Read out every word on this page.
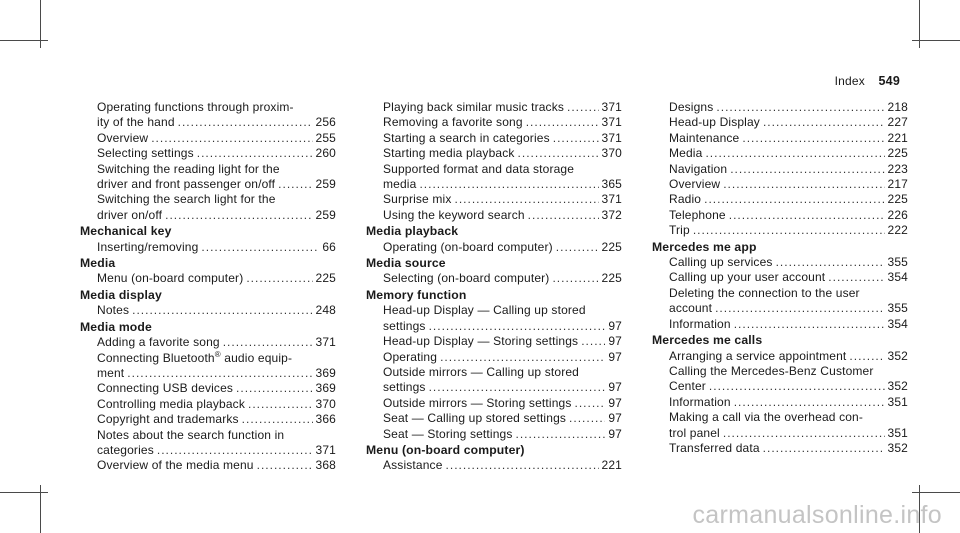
Index 549
Operating functions through proxim-
ity of the hand .....	256
Overview .....	255
Selecting settings .....	260
Switching the reading light for the
driver and front passenger on/off .....	259
Switching the search light for the
driver on/off .....	259
Mechanical key
Inserting/removing .....	66
Media
Menu (on-board computer) .....	225
Media display
Notes .....	248
Media mode
Adding a favorite song .....	371
Connecting Bluetooth® audio equip-
ment .....	369
Connecting USB devices .....	369
Controlling media playback .....	370
Copyright and trademarks .....	366
Notes about the search function in
categories .....	371
Overview of the media menu .....	368
Playing back similar music tracks .....	371
Removing a favorite song .....	371
Starting a search in categories .....	371
Starting media playback .....	370
Supported format and data storage
media .....	365
Surprise mix .....	371
Using the keyword search .....	372
Media playback
Operating (on-board computer) .....	225
Media source
Selecting (on-board computer) .....	225
Memory function
Head-up Display — Calling up stored
settings .....	97
Head-up Display — Storing settings .....	97
Operating .....	97
Outside mirrors — Calling up stored
settings .....	97
Outside mirrors — Storing settings .....	97
Seat — Calling up stored settings .....	97
Seat — Storing settings .....	97
Menu (on-board computer)
Assistance .....	221
Designs .....	218
Head-up Display .....	227
Maintenance .....	221
Media .....	225
Navigation .....	223
Overview .....	217
Radio .....	225
Telephone .....	226
Trip .....	222
Mercedes me app
Calling up services .....	355
Calling up your user account .....	354
Deleting the connection to the user
account .....	355
Information .....	354
Mercedes me calls
Arranging a service appointment .....	352
Calling the Mercedes-Benz Customer
Center .....	352
Information .....	351
Making a call via the overhead con-
trol panel .....	351
Transferred data .....	352
carmanualsonline.info
